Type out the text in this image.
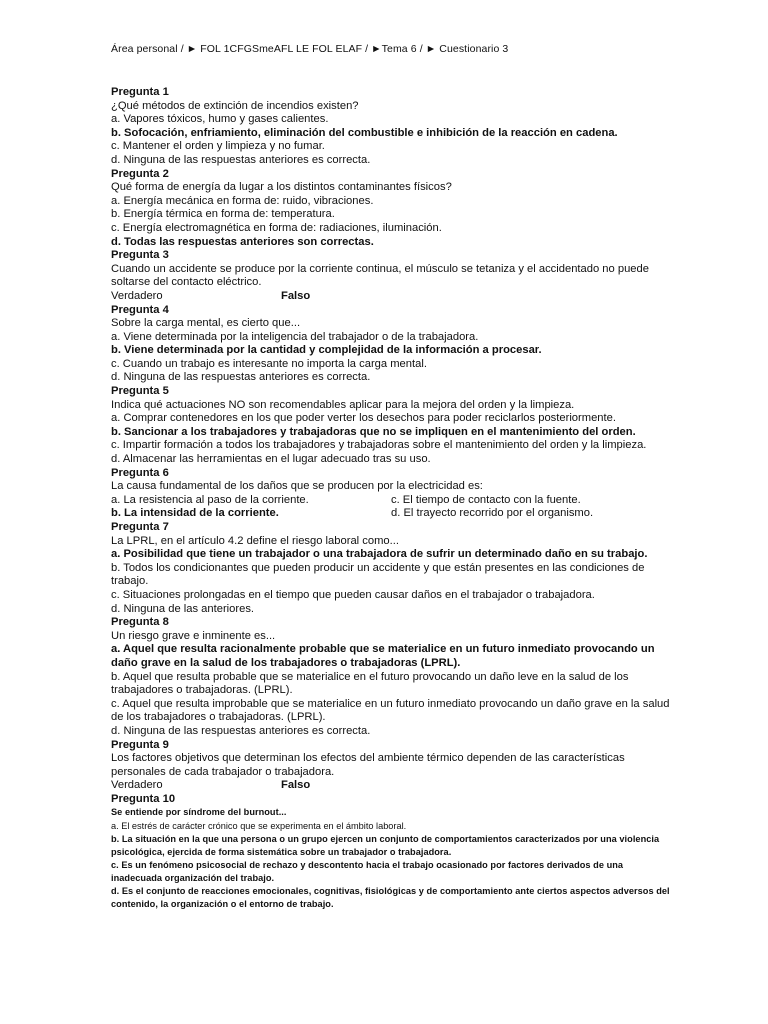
Área personal / ► FOL 1CFGSmeAFL LE FOL ELAF / ►Tema 6 / ► Cuestionario 3
Pregunta 1
¿Qué métodos de extinción de incendios existen?
a. Vapores tóxicos, humo y gases calientes.
b. Sofocación, enfriamiento, eliminación del combustible e inhibición de la reacción en cadena.
c. Mantener el orden y limpieza y no fumar.
d. Ninguna de las respuestas anteriores es correcta.
Pregunta 2
Qué forma de energía da lugar a los distintos contaminantes físicos?
a. Energía mecánica en forma de: ruido, vibraciones.
b. Energía térmica en forma de: temperatura.
c. Energía electromagnética en forma de: radiaciones, iluminación.
d. Todas las respuestas anteriores son correctas.
Pregunta 3
Cuando un accidente se produce por la corriente continua, el músculo se tetaniza y el accidentado no puede soltarse del contacto eléctrico.
Verdadero	Falso
Pregunta 4
Sobre la carga mental, es cierto que...
a. Viene determinada por la inteligencia del trabajador o de la trabajadora.
b. Viene determinada por la cantidad y complejidad de la información a procesar.
c. Cuando un trabajo es interesante no importa la carga mental.
d. Ninguna de las respuestas anteriores es correcta.
Pregunta 5
Indica qué actuaciones NO son recomendables aplicar para la mejora del orden y la limpieza.
a. Comprar contenedores en los que poder verter los desechos para poder reciclarlos posteriormente.
b. Sancionar a los trabajadores y trabajadoras que no se impliquen en el mantenimiento del orden.
c. Impartir formación a todos los trabajadores y trabajadoras sobre el mantenimiento del orden y la limpieza.
d. Almacenar las herramientas en el lugar adecuado tras su uso.
Pregunta 6
La causa fundamental de los daños que se producen por la electricidad es:
a. La resistencia al paso de la corriente.	c. El tiempo de contacto con la fuente.
b. La intensidad de la corriente.	d. El trayecto recorrido por el organismo.
Pregunta 7
La LPRL, en el artículo 4.2 define el riesgo laboral como...
a. Posibilidad que tiene un trabajador o una trabajadora de sufrir un determinado daño en su trabajo.
b. Todos los condicionantes que pueden producir un accidente y que están presentes en las condiciones de trabajo.
c. Situaciones prolongadas en el tiempo que pueden causar daños en el trabajador o trabajadora.
d. Ninguna de las anteriores.
Pregunta 8
Un riesgo grave e inminente es...
a. Aquel que resulta racionalmente probable que se materialice en un futuro inmediato provocando un daño grave en la salud de los trabajadores o trabajadoras (LPRL).
b. Aquel que resulta probable que se materialice en el futuro provocando un daño leve en la salud de los trabajadores o trabajadoras. (LPRL).
c. Aquel que resulta improbable que se materialice en un futuro inmediato provocando un daño grave en la salud de los trabajadores o trabajadoras. (LPRL).
d. Ninguna de las respuestas anteriores es correcta.
Pregunta 9
Los factores objetivos que determinan los efectos del ambiente térmico dependen de las características personales de cada trabajador o trabajadora.
Verdadero	Falso
Pregunta 10
Se entiende por síndrome del burnout...
a. El estrés de carácter crónico que se experimenta en el ámbito laboral.
b. La situación en la que una persona o un grupo ejercen un conjunto de comportamientos caracterizados por una violencia psicológica, ejercida de forma sistemática sobre un trabajador o trabajadora.
c. Es un fenómeno psicosocial de rechazo y descontento hacia el trabajo ocasionado por factores derivados de una inadecuada organización del trabajo.
d. Es el conjunto de reacciones emocionales, cognitivas, fisiológicas y de comportamiento ante ciertos aspectos adversos del contenido, la organización o el entorno de trabajo.
